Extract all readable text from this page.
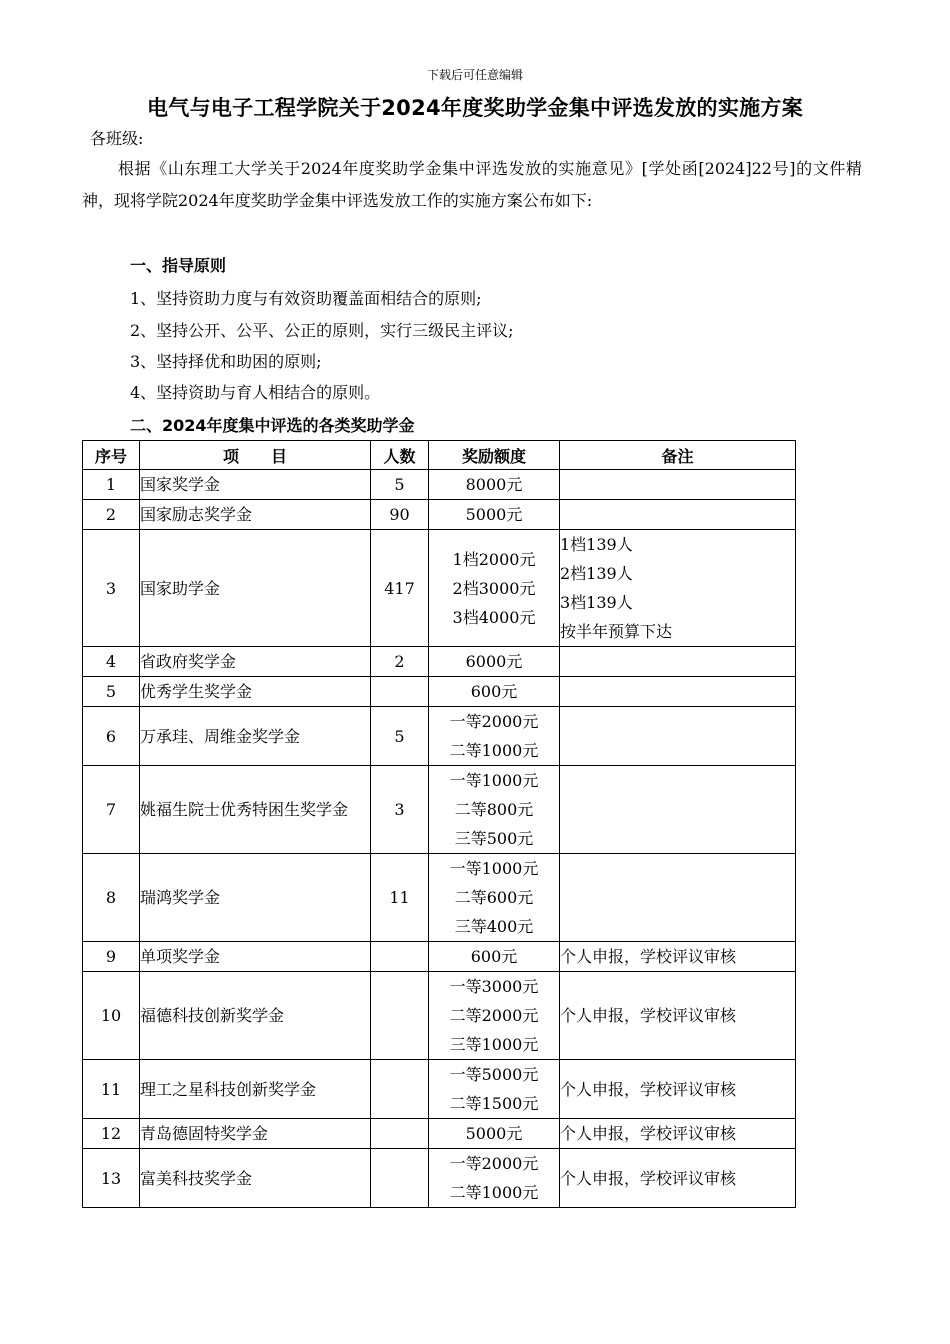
下载后可任意编辑
电气与电子工程学院关于2024年度奖助学金集中评选发放的实施方案
各班级:
根据《山东理工大学关于2024年度奖助学金集中评选发放的实施意见》[学处函[2024]22号]的文件精神，现将学院2024年度奖助学金集中评选发放工作的实施方案公布如下:
一、指导原则
1、坚持资助力度与有效资助覆盖面相结合的原则;
2、坚持公开、公平、公正的原则，实行三级民主评议;
3、坚持择优和助困的原则;
4、坚持资助与育人相结合的原则。
二、2024年度集中评选的各类奖助学金
序号	项　　目	人数	奖励额度	备注
1	国家奖学金	5	8000元	

2	国家励志奖学金	90	5000元	

3	国家助学金	417	1档2000元
2档3000元
3档4000元	1档139人
2档139人
3档139人
按半年预算下达

4	省政府奖学金	2	6000元	

5	优秀学生奖学金		600元	

6	万承珪、周维金奖学金	5	一等2000元
二等1000元	

7	姚福生院士优秀特困生奖学金	3	一等1000元
二等800元
三等500元	

8	瑞鸿奖学金	11	一等1000元
二等600元
三等400元	

9	单项奖学金		600元	个人申报，学校评议审核

10	福德科技创新奖学金		一等3000元
二等2000元
三等1000元	个人申报，学校评议审核

11	理工之星科技创新奖学金		一等5000元
二等1500元	个人申报，学校评议审核

12	青岛德固特奖学金		5000元	个人申报，学校评议审核

13	富美科技奖学金		一等2000元
二等1000元	个人申报，学校评议审核
